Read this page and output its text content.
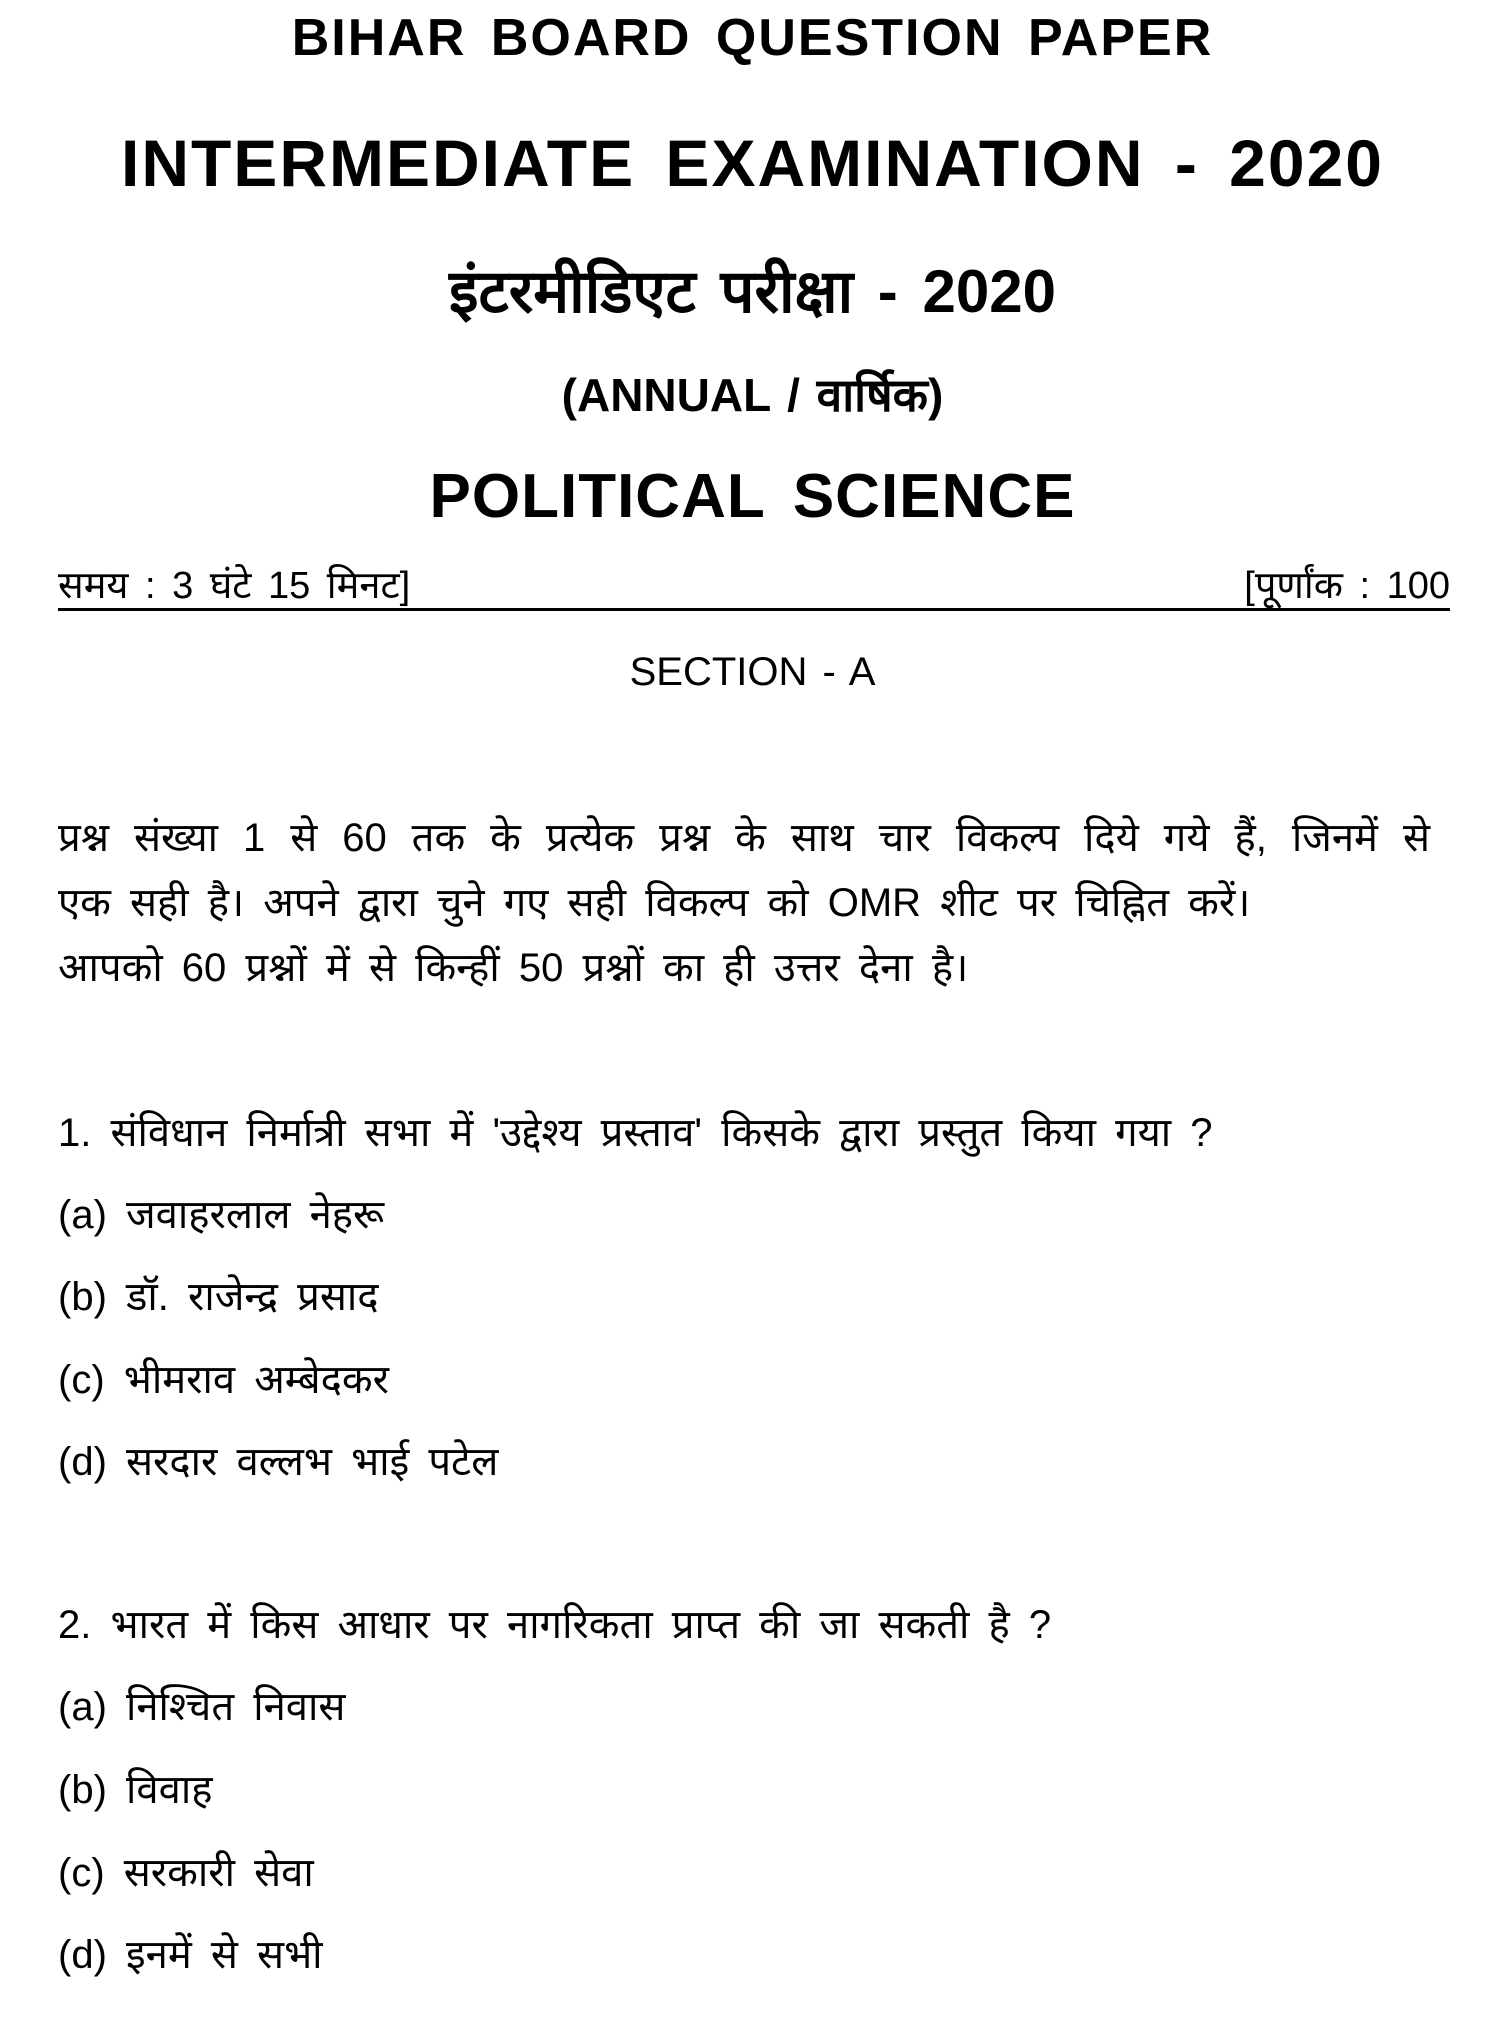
BIHAR BOARD QUESTION PAPER
INTERMEDIATE EXAMINATION - 2020
इंटरमीडिएट परीक्षा - 2020
(ANNUAL / वार्षिक)
POLITICAL SCIENCE
समय : 3 घंटे 15 मिनट]	[पूर्णांक : 100
SECTION - A
प्रश्न संख्या 1 से 60 तक के प्रत्येक प्रश्न के साथ चार विकल्प दिये गये हैं, जिनमें से
एक सही है। अपने द्वारा चुने गए सही विकल्प को OMR शीट पर चिह्नित करें।
आपको 60 प्रश्नों में से किन्हीं 50 प्रश्नों का ही उत्तर देना है।
1. संविधान निर्मात्री सभा में 'उद्देश्य प्रस्ताव' किसके द्वारा प्रस्तुत किया गया ?
(a) जवाहरलाल नेहरू
(b) डॉ. राजेन्द्र प्रसाद
(c) भीमराव अम्बेदकर
(d) सरदार वल्लभ भाई पटेल
2. भारत में किस आधार पर नागरिकता प्राप्त की जा सकती है ?
(a) निश्चित निवास
(b) विवाह
(c) सरकारी सेवा
(d) इनमें से सभी
